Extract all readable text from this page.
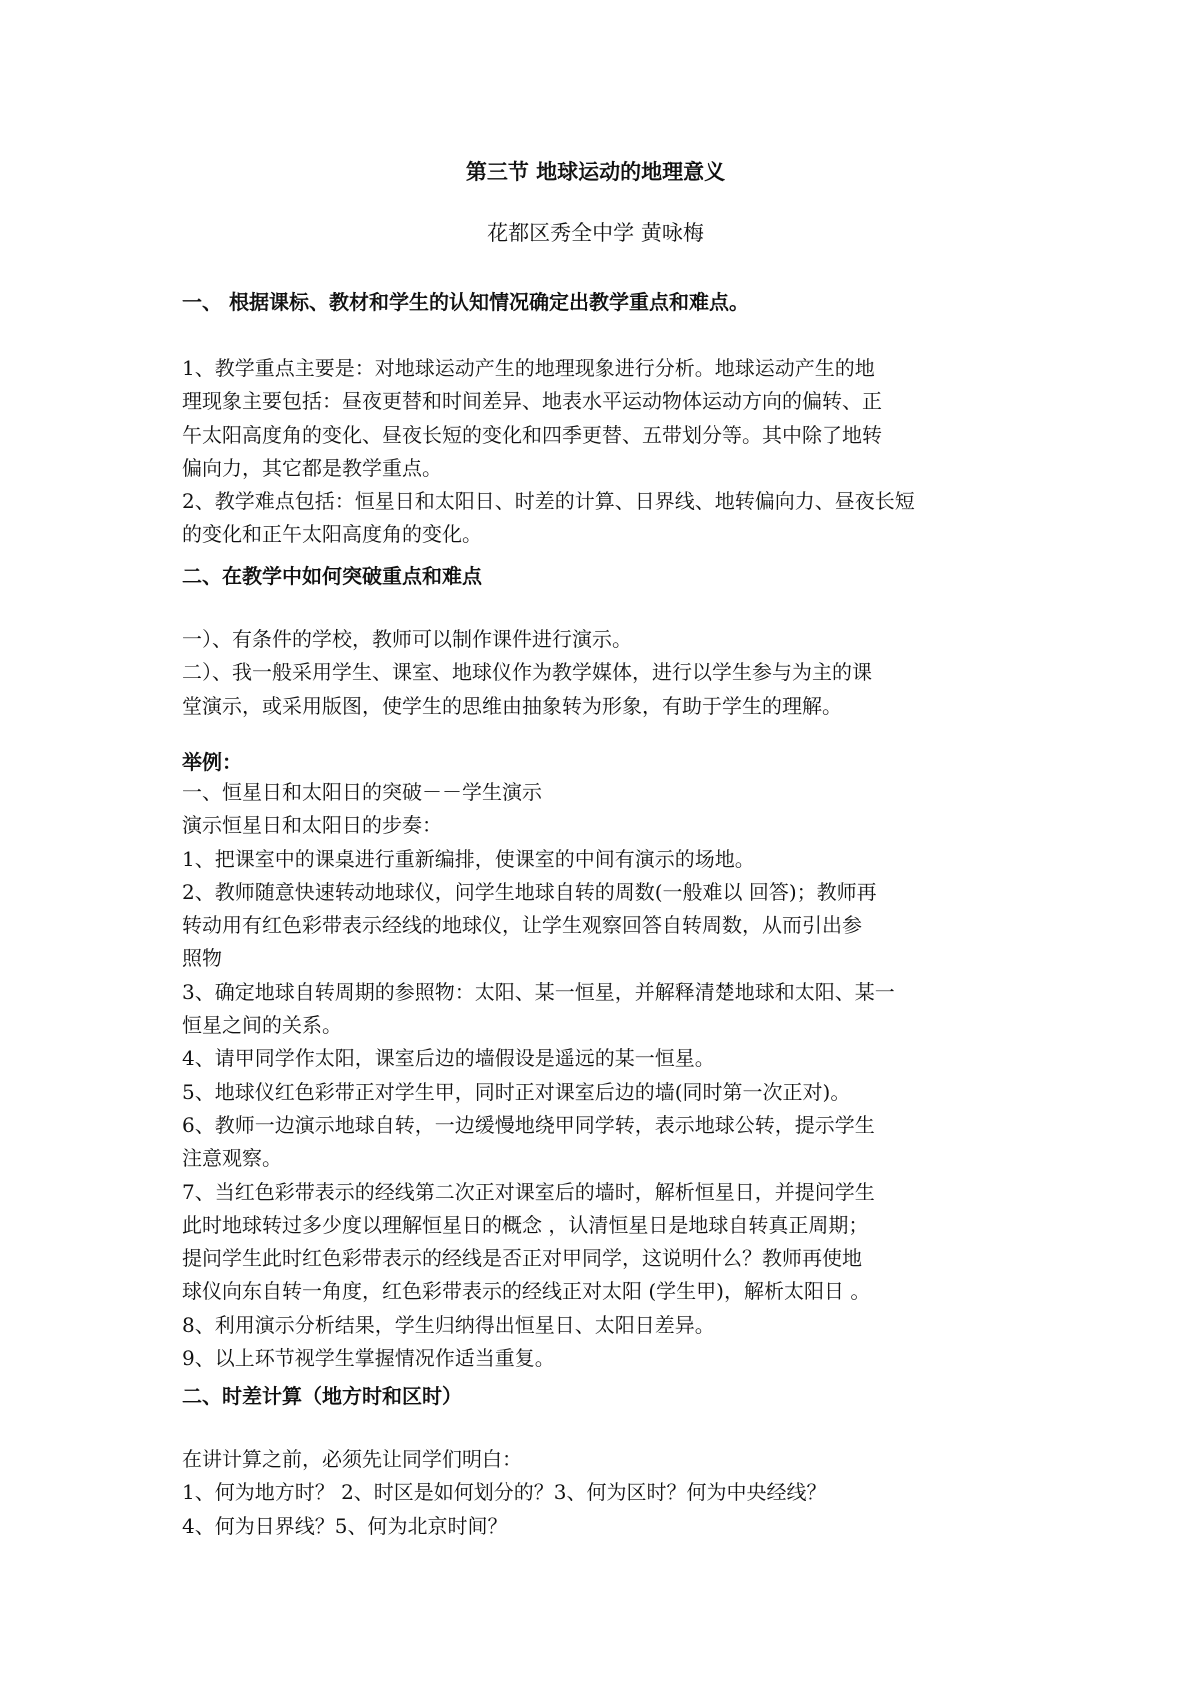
第三节 地球运动的地理意义
花都区秀全中学 黄咏梅
一、 根据课标、教材和学生的认知情况确定出教学重点和难点。
1、教学重点主要是：对地球运动产生的地理现象进行分析。地球运动产生的地
理现象主要包括：昼夜更替和时间差异、地表水平运动物体运动方向的偏转、正
午太阳高度角的变化、昼夜长短的变化和四季更替、五带划分等。其中除了地转
偏向力，其它都是教学重点。
2、教学难点包括：恒星日和太阳日、时差的计算、日界线、地转偏向力、昼夜长短
的变化和正午太阳高度角的变化。
二、在教学中如何突破重点和难点
一）、有条件的学校，教师可以制作课件进行演示。
二）、我一般采用学生、课室、地球仪作为教学媒体，进行以学生参与为主的课
堂演示，或采用版图，使学生的思维由抽象转为形象，有助于学生的理解。
举例：
一、恒星日和太阳日的突破－－学生演示
演示恒星日和太阳日的步奏：
1、把课室中的课桌进行重新编排，使课室的中间有演示的场地。
2、教师随意快速转动地球仪，问学生地球自转的周数(一般难以 回答)；教师再
转动用有红色彩带表示经线的地球仪，让学生观察回答自转周数，从而引出参
照物
3、确定地球自转周期的参照物：太阳、某一恒星，并解释清楚地球和太阳、某一
恒星之间的关系。
4、请甲同学作太阳，课室后边的墙假设是遥远的某一恒星。
5、地球仪红色彩带正对学生甲，同时正对课室后边的墙(同时第一次正对)。
6、教师一边演示地球自转，一边缓慢地绕甲同学转，表示地球公转，提示学生
注意观察。
7、当红色彩带表示的经线第二次正对课室后的墙时，解析恒星日，并提问学生
此时地球转过多少度以理解恒星日的概念 ，认清恒星日是地球自转真正周期；
提问学生此时红色彩带表示的经线是否正对甲同学，这说明什么？教师再使地
球仪向东自转一角度，红色彩带表示的经线正对太阳 (学生甲)，解析太阳日 。
8、利用演示分析结果，学生归纳得出恒星日、太阳日差异。
9、以上环节视学生掌握情况作适当重复。
二、时差计算（地方时和区时）
在讲计算之前，必须先让同学们明白：
1、何为地方时？ 2、时区是如何划分的？3、何为区时？何为中央经线？
4、何为日界线？5、何为北京时间？
